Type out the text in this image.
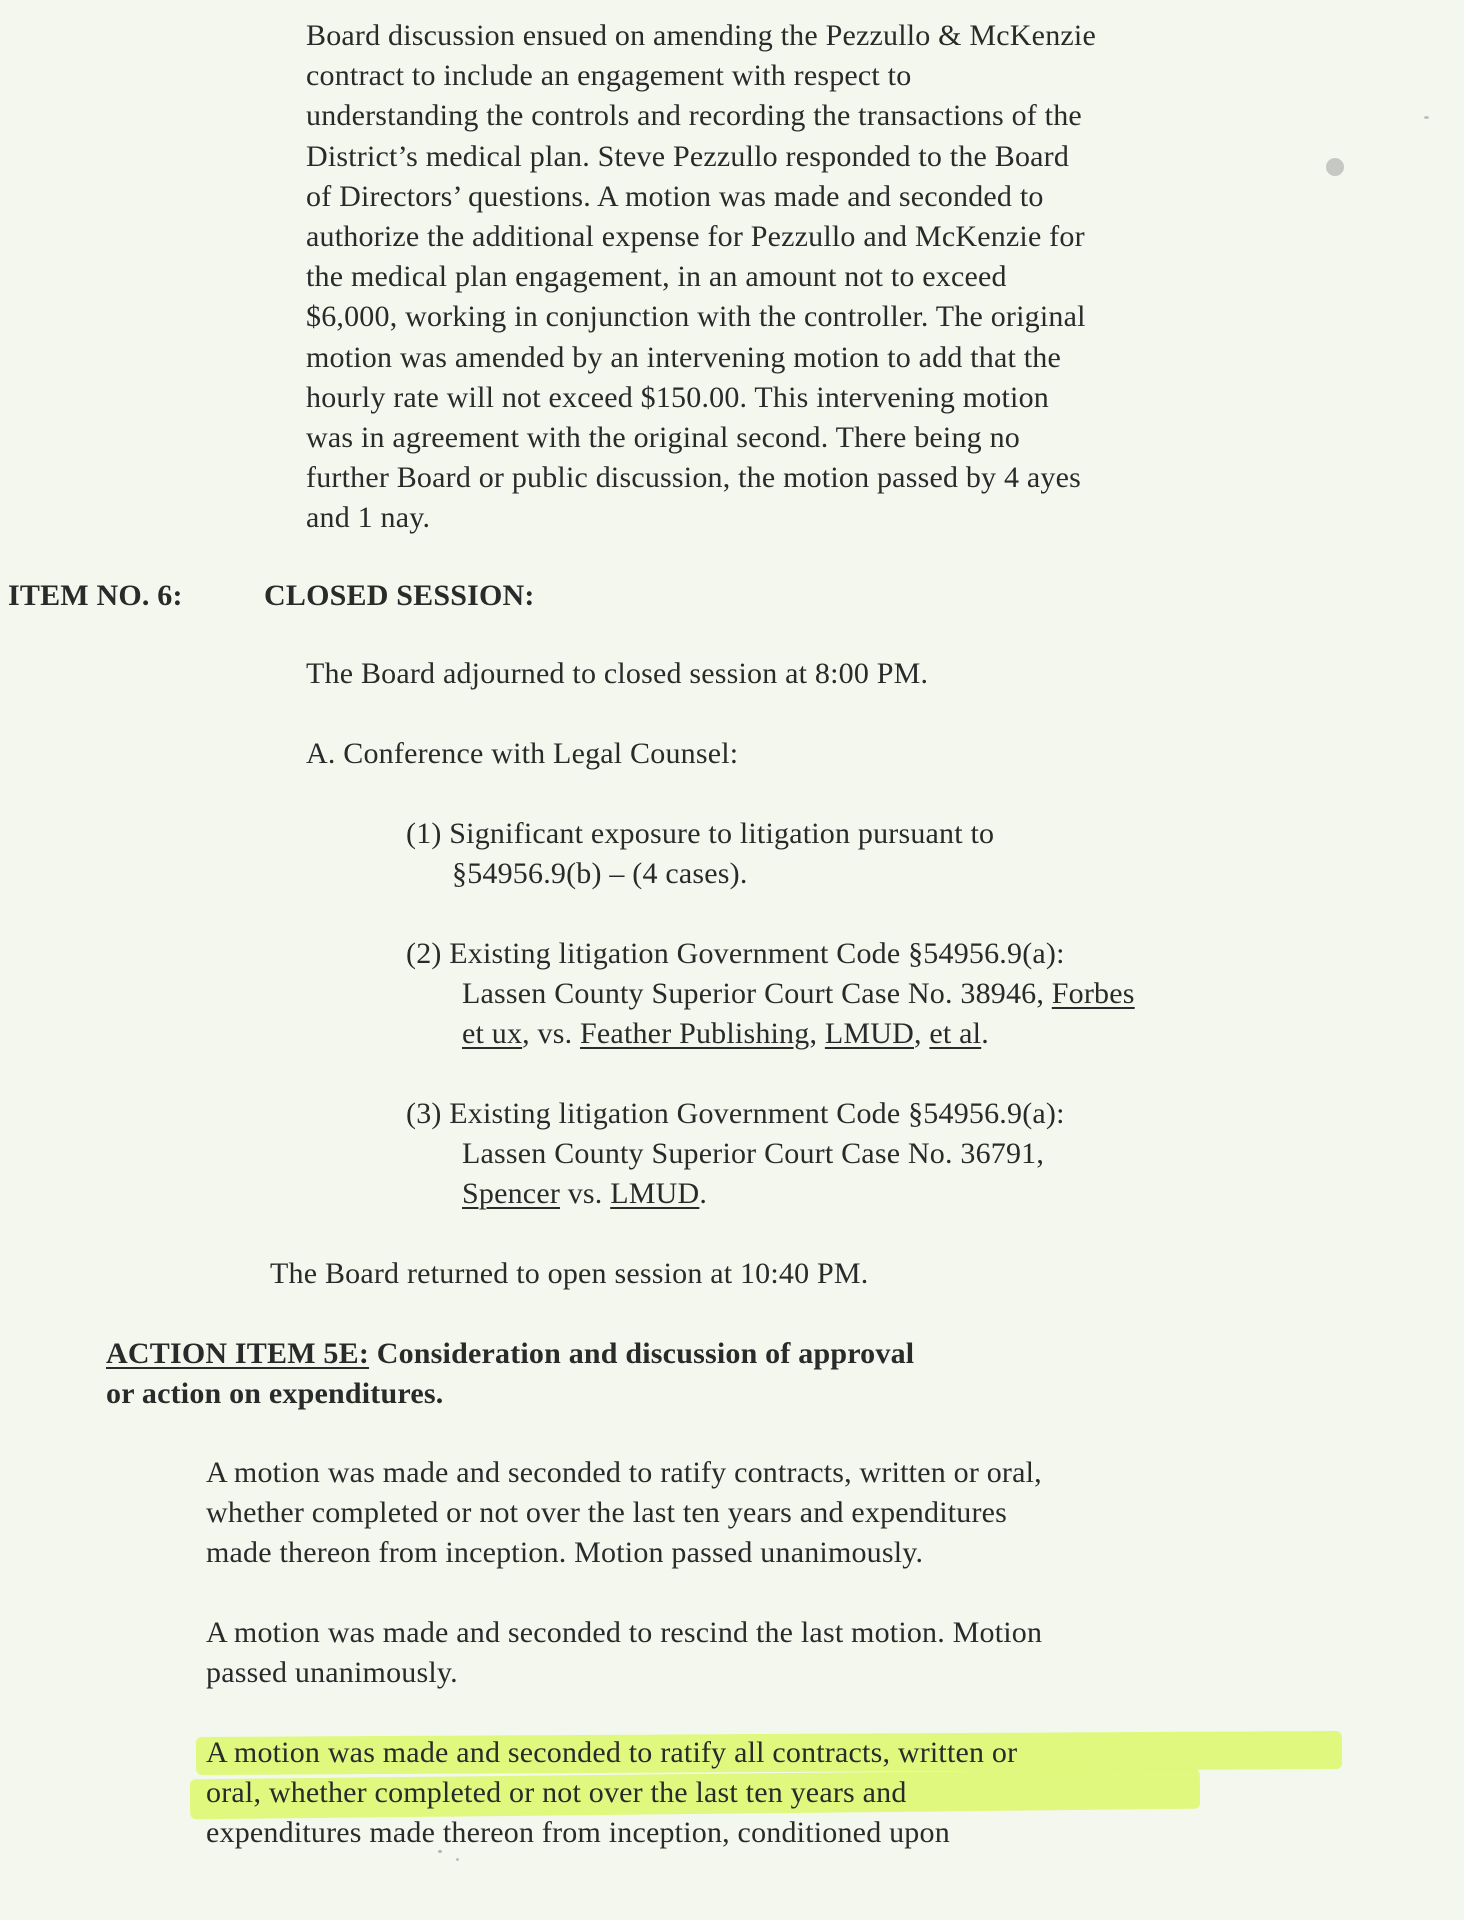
Board discussion ensued on amending the Pezzullo & McKenzie
contract to include an engagement with respect to
understanding the controls and recording the transactions of the
District’s medical plan. Steve Pezzullo responded to the Board
of Directors’ questions. A motion was made and seconded to
authorize the additional expense for Pezzullo and McKenzie for
the medical plan engagement, in an amount not to exceed
$6,000, working in conjunction with the controller. The original
motion was amended by an intervening motion to add that the
hourly rate will not exceed $150.00. This intervening motion
was in agreement with the original second. There being no
further Board or public discussion, the motion passed by 4 ayes
and 1 nay.
ITEM NO. 6:	CLOSED SESSION:
The Board adjourned to closed session at 8:00 PM.
A. Conference with Legal Counsel:
(1) Significant exposure to litigation pursuant to
§54956.9(b) – (4 cases).
(2) Existing litigation Government Code §54956.9(a):
Lassen County Superior Court Case No. 38946, Forbes
et ux, vs. Feather Publishing, LMUD, et al.
(3) Existing litigation Government Code §54956.9(a):
Lassen County Superior Court Case No. 36791,
Spencer vs. LMUD.
The Board returned to open session at 10:40 PM.
ACTION ITEM 5E: Consideration and discussion of approval
or action on expenditures.
A motion was made and seconded to ratify contracts, written or oral,
whether completed or not over the last ten years and expenditures
made thereon from inception. Motion passed unanimously.
A motion was made and seconded to rescind the last motion. Motion
passed unanimously.
A motion was made and seconded to ratify all contracts, written or
oral, whether completed or not over the last ten years and
expenditures made thereon from inception, conditioned upon
